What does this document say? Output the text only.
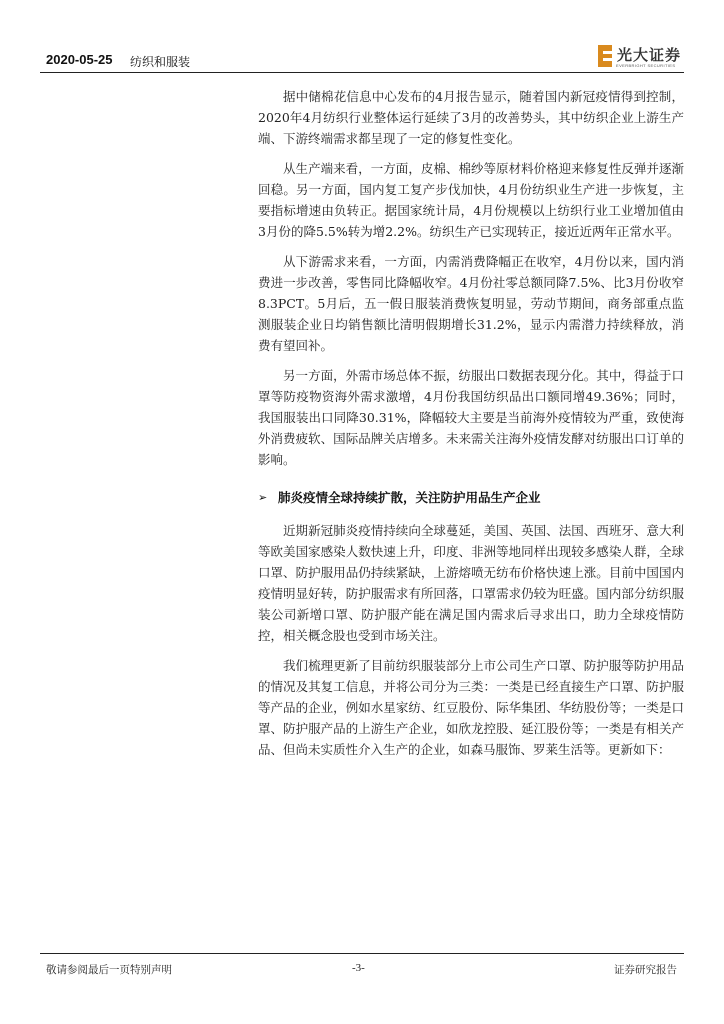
2020-05-25 纺织和服装	光大证券
EVERBRIGHT SECURITIES

据中储棉花信息中心发布的4月报告显示，随着国内新冠疫情得到控制，2020年4月纺织行业整体运行延续了3月的改善势头，其中纺织企业上游生产端、下游终端需求都呈现了一定的修复性变化。

从生产端来看，一方面，皮棉、棉纱等原材料价格迎来修复性反弹并逐渐回稳。另一方面，国内复工复产步伐加快，4月份纺织业生产进一步恢复，主要指标增速由负转正。据国家统计局，4月份规模以上纺织行业工业增加值由3月份的降5.5%转为增2.2%。纺织生产已实现转正，接近近两年正常水平。

从下游需求来看，一方面，内需消费降幅正在收窄，4月份以来，国内消费进一步改善，零售同比降幅收窄。4月份社零总额同降7.5%、比3月份收窄8.3PCT。5月后，五一假日服装消费恢复明显，劳动节期间，商务部重点监测服装企业日均销售额比清明假期增长31.2%，显示内需潜力持续释放，消费有望回补。

另一方面，外需市场总体不振，纺服出口数据表现分化。其中，得益于口罩等防疫物资海外需求激增，4月份我国纺织品出口额同增49.36%；同时，我国服装出口同降30.31%，降幅较大主要是当前海外疫情较为严重，致使海外消费疲软、国际品牌关店增多。未来需关注海外疫情发酵对纺服出口订单的影响。

➢ 肺炎疫情全球持续扩散，关注防护用品生产企业

近期新冠肺炎疫情持续向全球蔓延，美国、英国、法国、西班牙、意大利等欧美国家感染人数快速上升，印度、非洲等地同样出现较多感染人群，全球口罩、防护服用品仍持续紧缺，上游熔喷无纺布价格快速上涨。目前中国国内疫情明显好转，防护服需求有所回落，口罩需求仍较为旺盛。国内部分纺织服装公司新增口罩、防护服产能在满足国内需求后寻求出口，助力全球疫情防控，相关概念股也受到市场关注。

我们梳理更新了目前纺织服装部分上市公司生产口罩、防护服等防护用品的情况及其复工信息，并将公司分为三类：一类是已经直接生产口罩、防护服等产品的企业，例如水星家纺、红豆股份、际华集团、华纺股份等；一类是口罩、防护服产品的上游生产企业，如欣龙控股、延江股份等；一类是有相关产品、但尚未实质性介入生产的企业，如森马服饰、罗莱生活等。更新如下：

敬请参阅最后一页特别声明	-3-	证券研究报告
